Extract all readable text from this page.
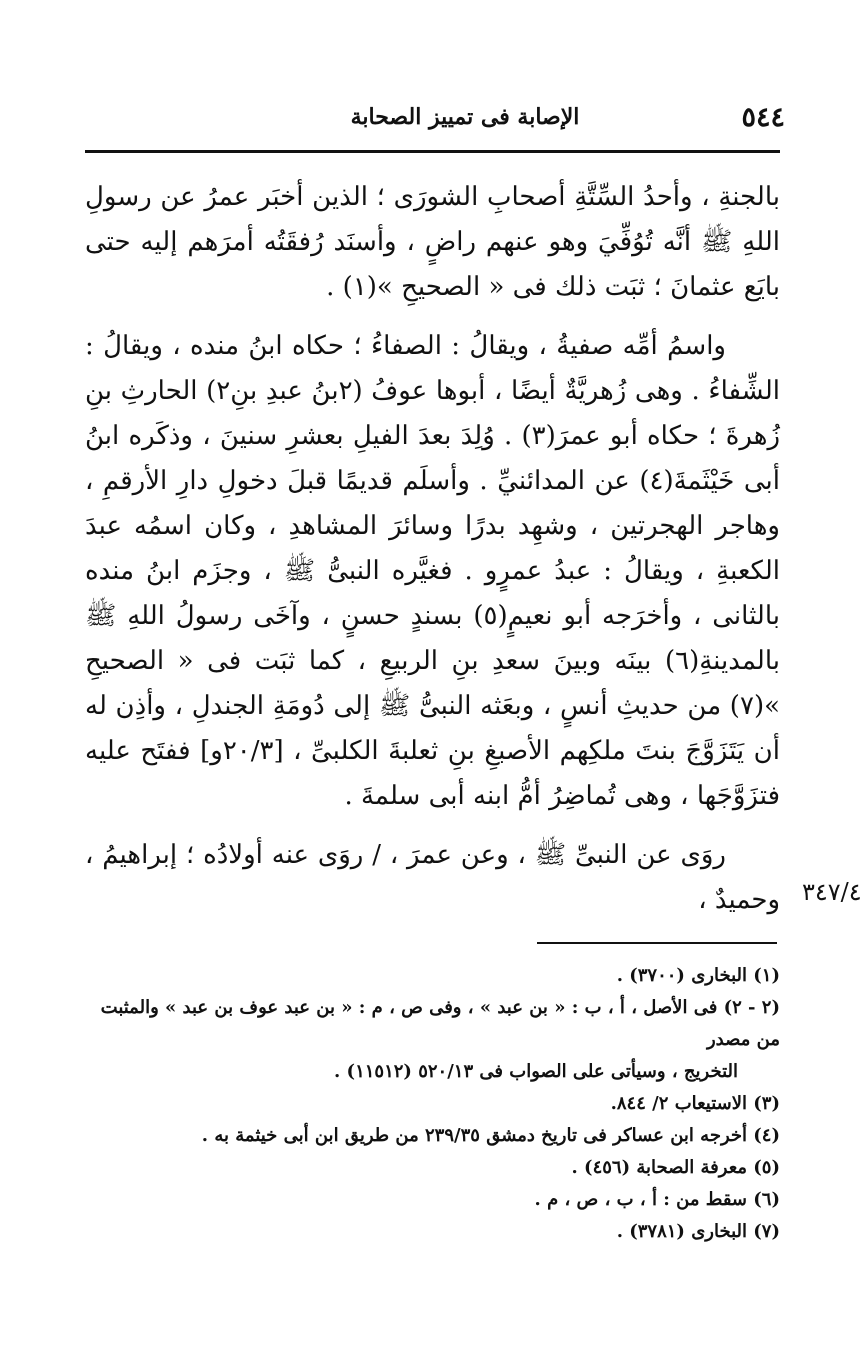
٥٤٤
الإصابة فى تمييز الصحابة

بالجنةِ ، وأحدُ السِّتَّةِ أصحابِ الشورَى ؛ الذين أخبَر عمرُ عن رسولِ اللهِ ﷺ أنَّه تُوُفِّيَ وهو عنهم راضٍ ، وأسنَد رُفقَتُه أمرَهم إليه حتى بايَع عثمانَ ؛ ثبَت ذلك فى « الصحيحِ »(١) .

واسمُ أمِّه صفيةُ ، ويقالُ : الصفاءُ ؛ حكاه ابنُ منده ، ويقالُ : الشِّفاءُ . وهى زُهريَّةٌ أيضًا ، أبوها عوفُ (٢بنُ عبدِ بنِ٢) الحارثِ بنِ زُهرةَ ؛ حكاه أبو عمرَ(٣) . وُلِدَ بعدَ الفيلِ بعشرِ سنينَ ، وذكَره ابنُ أبى خَيْثَمةَ(٤) عن المدائنيِّ . وأسلَم قديمًا قبلَ دخولِ دارِ الأرقمِ ، وهاجر الهجرتين ، وشهِد بدرًا وسائرَ المشاهدِ ، وكان اسمُه عبدَ الكعبةِ ، ويقالُ : عبدُ عمرٍو . فغيَّره النبىُّ ﷺ ، وجزَم ابنُ منده بالثانى ، وأخرَجه أبو نعيمٍ(٥) بسندٍ حسنٍ ، وآخَى رسولُ اللهِ ﷺ بالمدينةِ(٦) بينَه وبينَ سعدِ بنِ الربيعِ ، كما ثبَت فى « الصحيحِ »(٧) من حديثِ أنسٍ ، وبعَثه النبىُّ ﷺ إلى دُومَةِ الجندلِ ، وأذِن له أن يَتَزَوَّجَ بنتَ ملكِهم الأصبغِ بنِ ثعلبةَ الكلبىِّ ، [٢٠/٣و] ففتَح عليه فتزَوَّجَها ، وهى تُماضِرُ أمُّ ابنه أبى سلمةَ .

روَى عن النبىِّ ﷺ ، وعن عمرَ ، / روَى عنه أولادُه ؛ إبراهيمُ ، وحميدٌ ، ٣٤٧/٤

(١) البخارى (٣٧٠٠) .

(٢ - ٢) فى الأصل ، أ ، ب : « بن عبد » ، وفى ص ، م : « بن عبد عوف بن عبد » والمثبت من مصدر

التخريج ، وسيأتى على الصواب فى ٥٢٠/١٣ (١١٥١٢) .

(٣) الاستيعاب ٢/ ٨٤٤.

(٤) أخرجه ابن عساكر فى تاريخ دمشق ٢٣٩/٣٥ من طريق ابن أبى خيثمة به .

(٥) معرفة الصحابة (٤٥٦) .

(٦) سقط من : أ ، ب ، ص ، م .

(٧) البخارى (٣٧٨١) .
